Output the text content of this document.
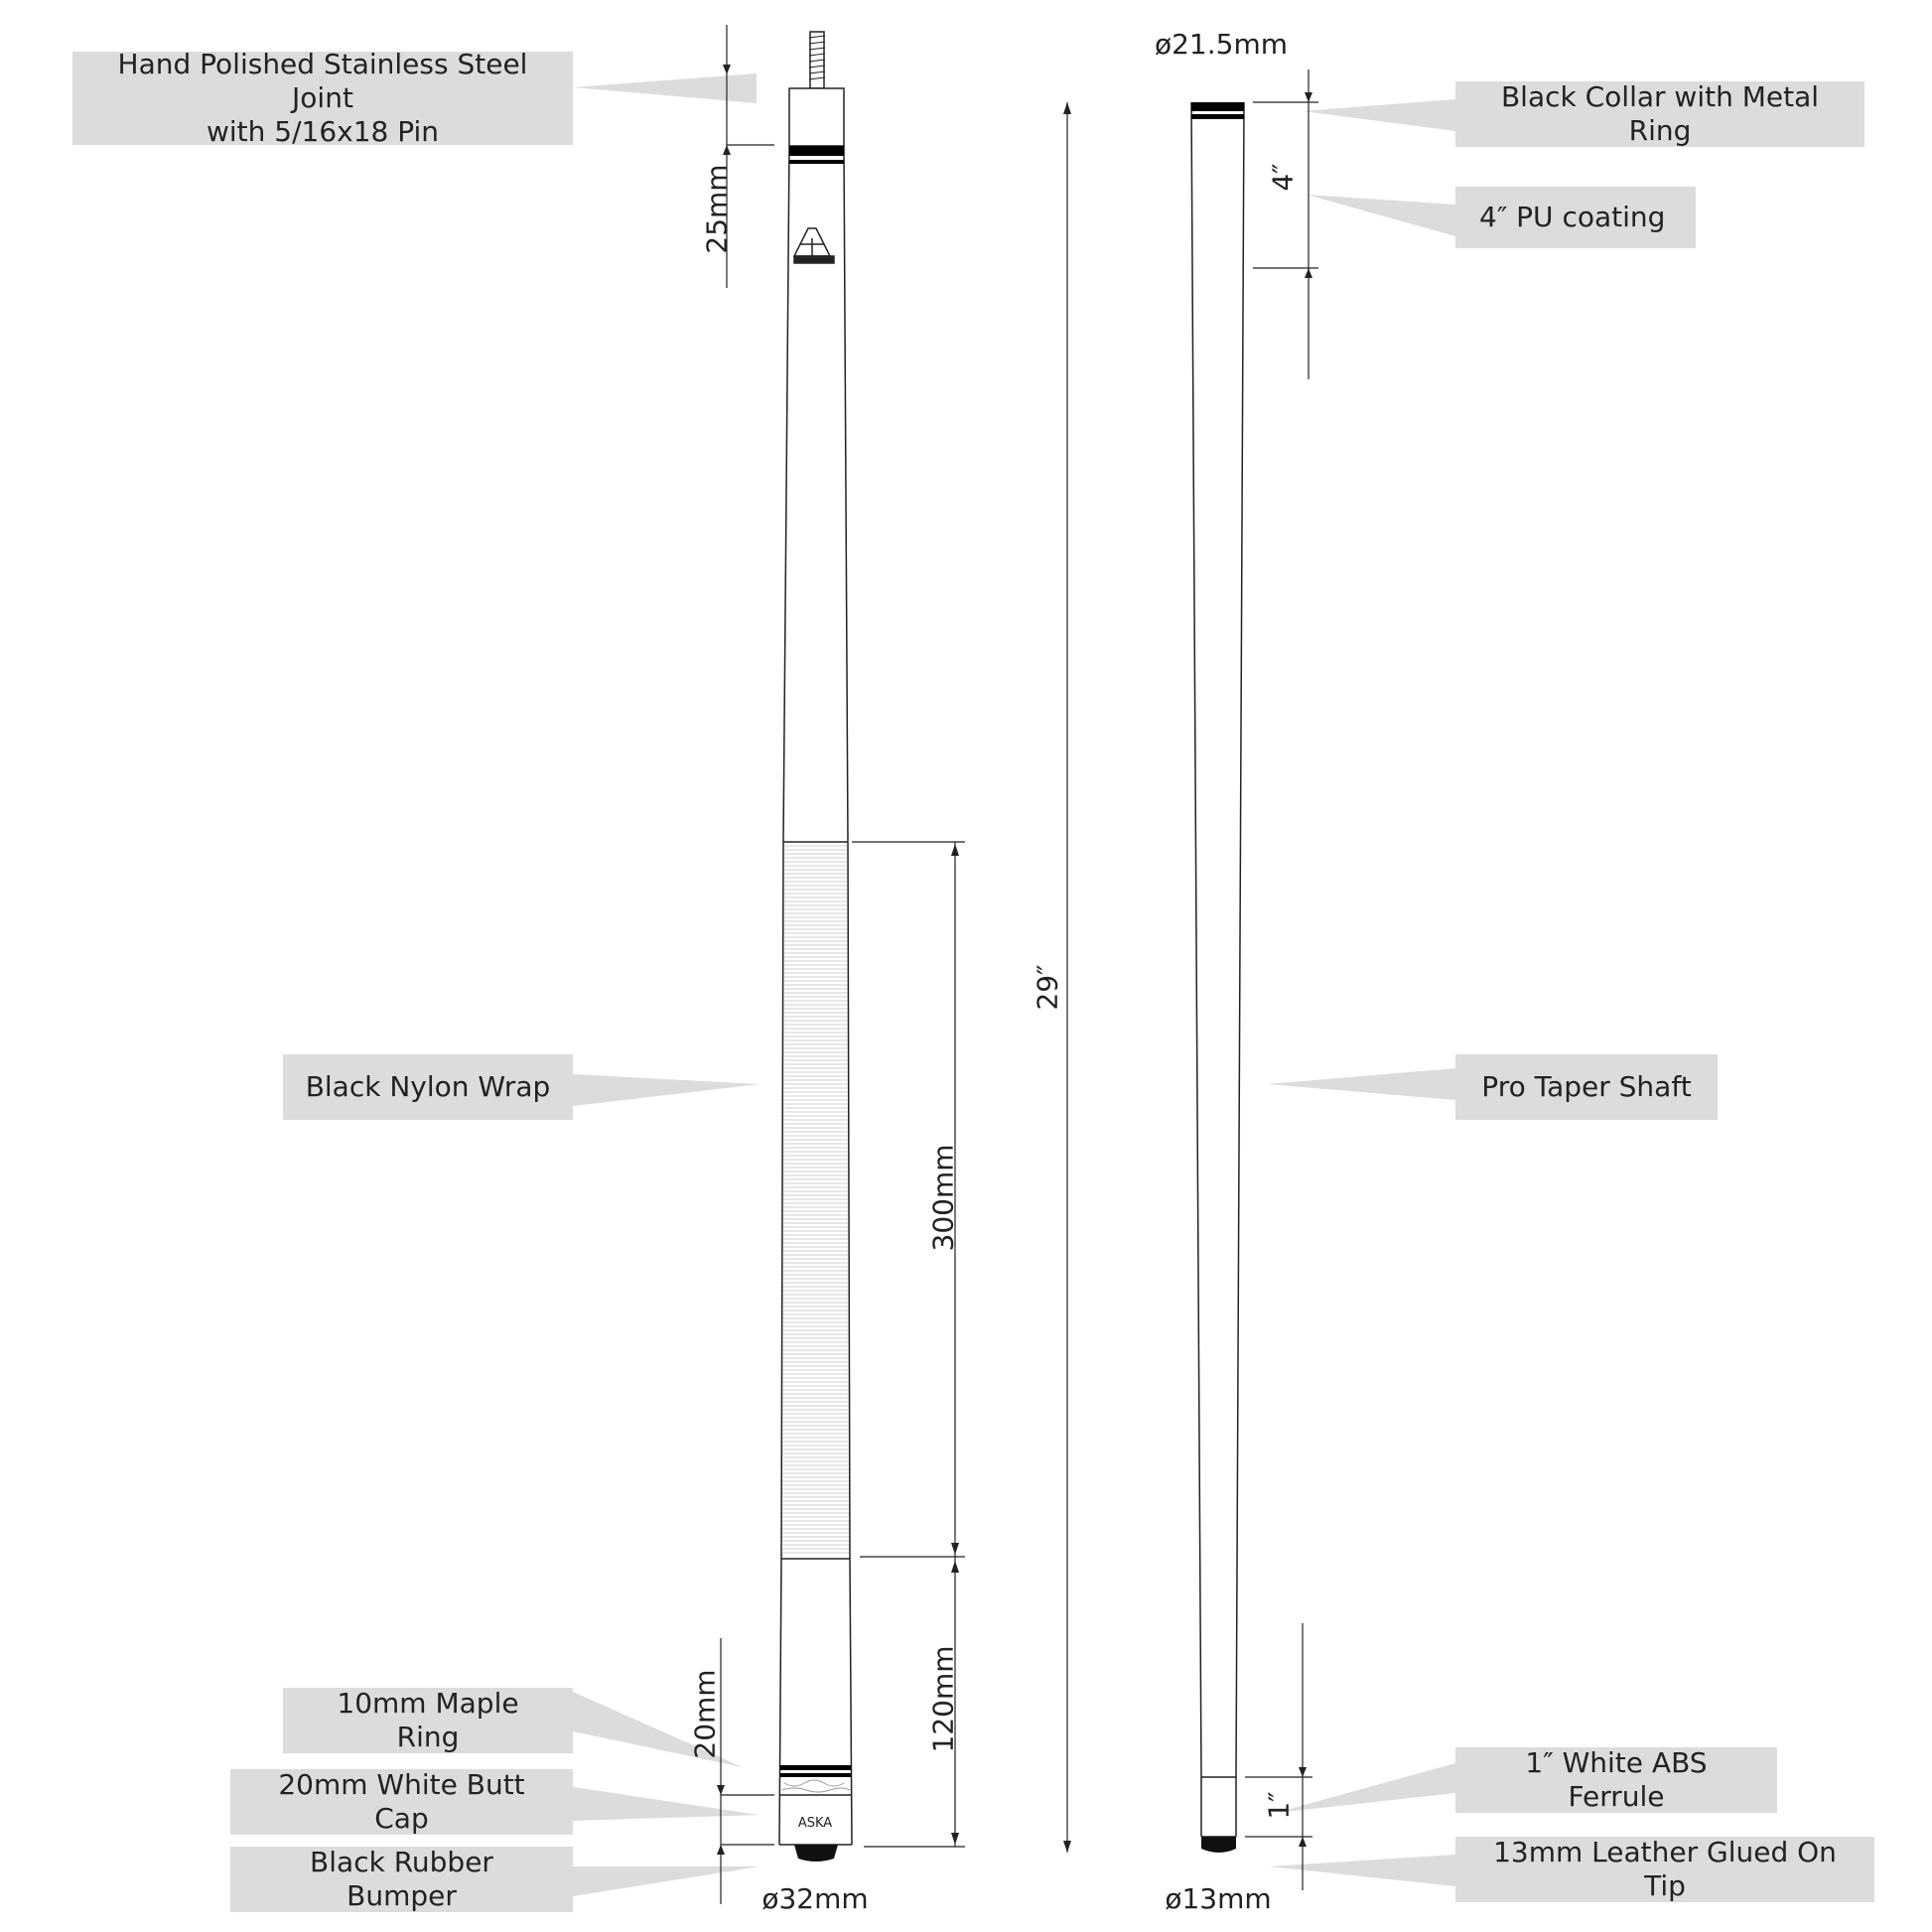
ASKA
Hand Polished Stainless Steel Joint
with 5/16x18 Pin
Black Nylon Wrap
10mm Maple Ring
20mm White Butt Cap
Black Rubber Bumper
Black Collar with Metal Ring
4″ PU coating
Pro Taper Shaft
1″ White ABS Ferrule
13mm Leather Glued On Tip
25mm
300mm
120mm
20mm
29″
4″
1″
ø32mm
ø21.5mm
ø13mm
